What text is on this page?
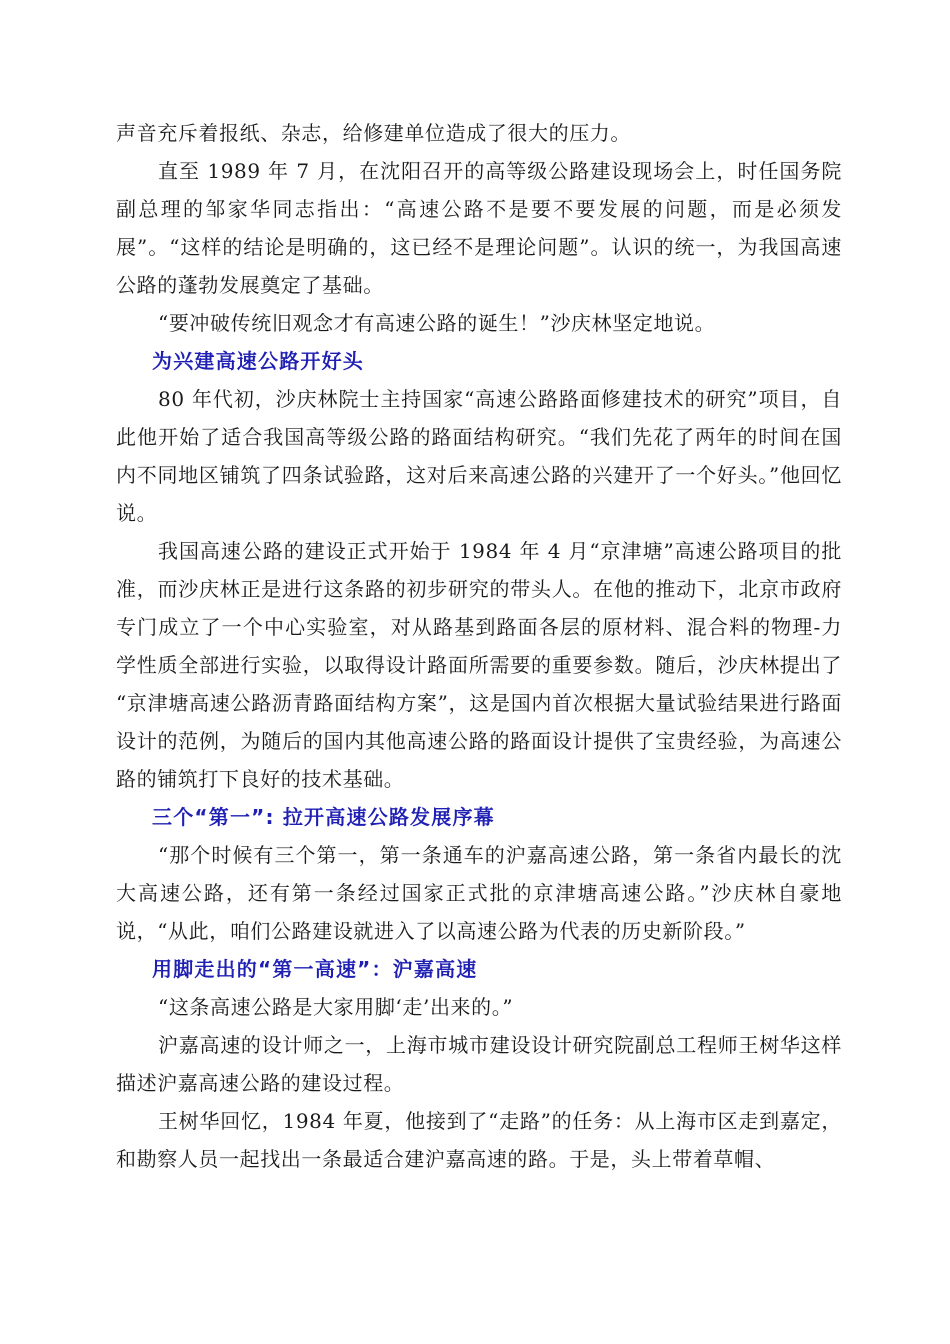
声音充斥着报纸、杂志，给修建单位造成了很大的压力。

直至 1989 年 7 月，在沈阳召开的高等级公路建设现场会上，时任国务院副总理的邹家华同志指出：“高速公路不是要不要发展的问题，而是必须发展”。“这样的结论是明确的，这已经不是理论问题”。认识的统一，为我国高速公路的蓬勃发展奠定了基础。

“要冲破传统旧观念才有高速公路的诞生！”沙庆林坚定地说。

为兴建高速公路开好头

80 年代初，沙庆林院士主持国家“高速公路路面修建技术的研究”项目，自此他开始了适合我国高等级公路的路面结构研究。“我们先花了两年的时间在国内不同地区铺筑了四条试验路，这对后来高速公路的兴建开了一个好头。”他回忆说。

我国高速公路的建设正式开始于 1984 年 4 月“京津塘”高速公路项目的批准，而沙庆林正是进行这条路的初步研究的带头人。在他的推动下，北京市政府专门成立了一个中心实验室，对从路基到路面各层的原材料、混合料的物理-力学性质全部进行实验，以取得设计路面所需要的重要参数。随后，沙庆林提出了 “京津塘高速公路沥青路面结构方案”，这是国内首次根据大量试验结果进行路面设计的范例，为随后的国内其他高速公路的路面设计提供了宝贵经验，为高速公路的铺筑打下良好的技术基础。

三个“第一”: 拉开高速公路发展序幕

“那个时候有三个第一，第一条通车的沪嘉高速公路，第一条省内最长的沈大高速公路，还有第一条经过国家正式批的京津塘高速公路。”沙庆林自豪地说，“从此，咱们公路建设就进入了以高速公路为代表的历史新阶段。”

用脚走出的“第一高速”：沪嘉高速

“这条高速公路是大家用脚‘走’出来的。”

沪嘉高速的设计师之一，上海市城市建设设计研究院副总工程师王树华这样描述沪嘉高速公路的建设过程。

王树华回忆，1984 年夏，他接到了“走路”的任务：从上海市区走到嘉定，和勘察人员一起找出一条最适合建沪嘉高速的路。于是，头上带着草帽、
